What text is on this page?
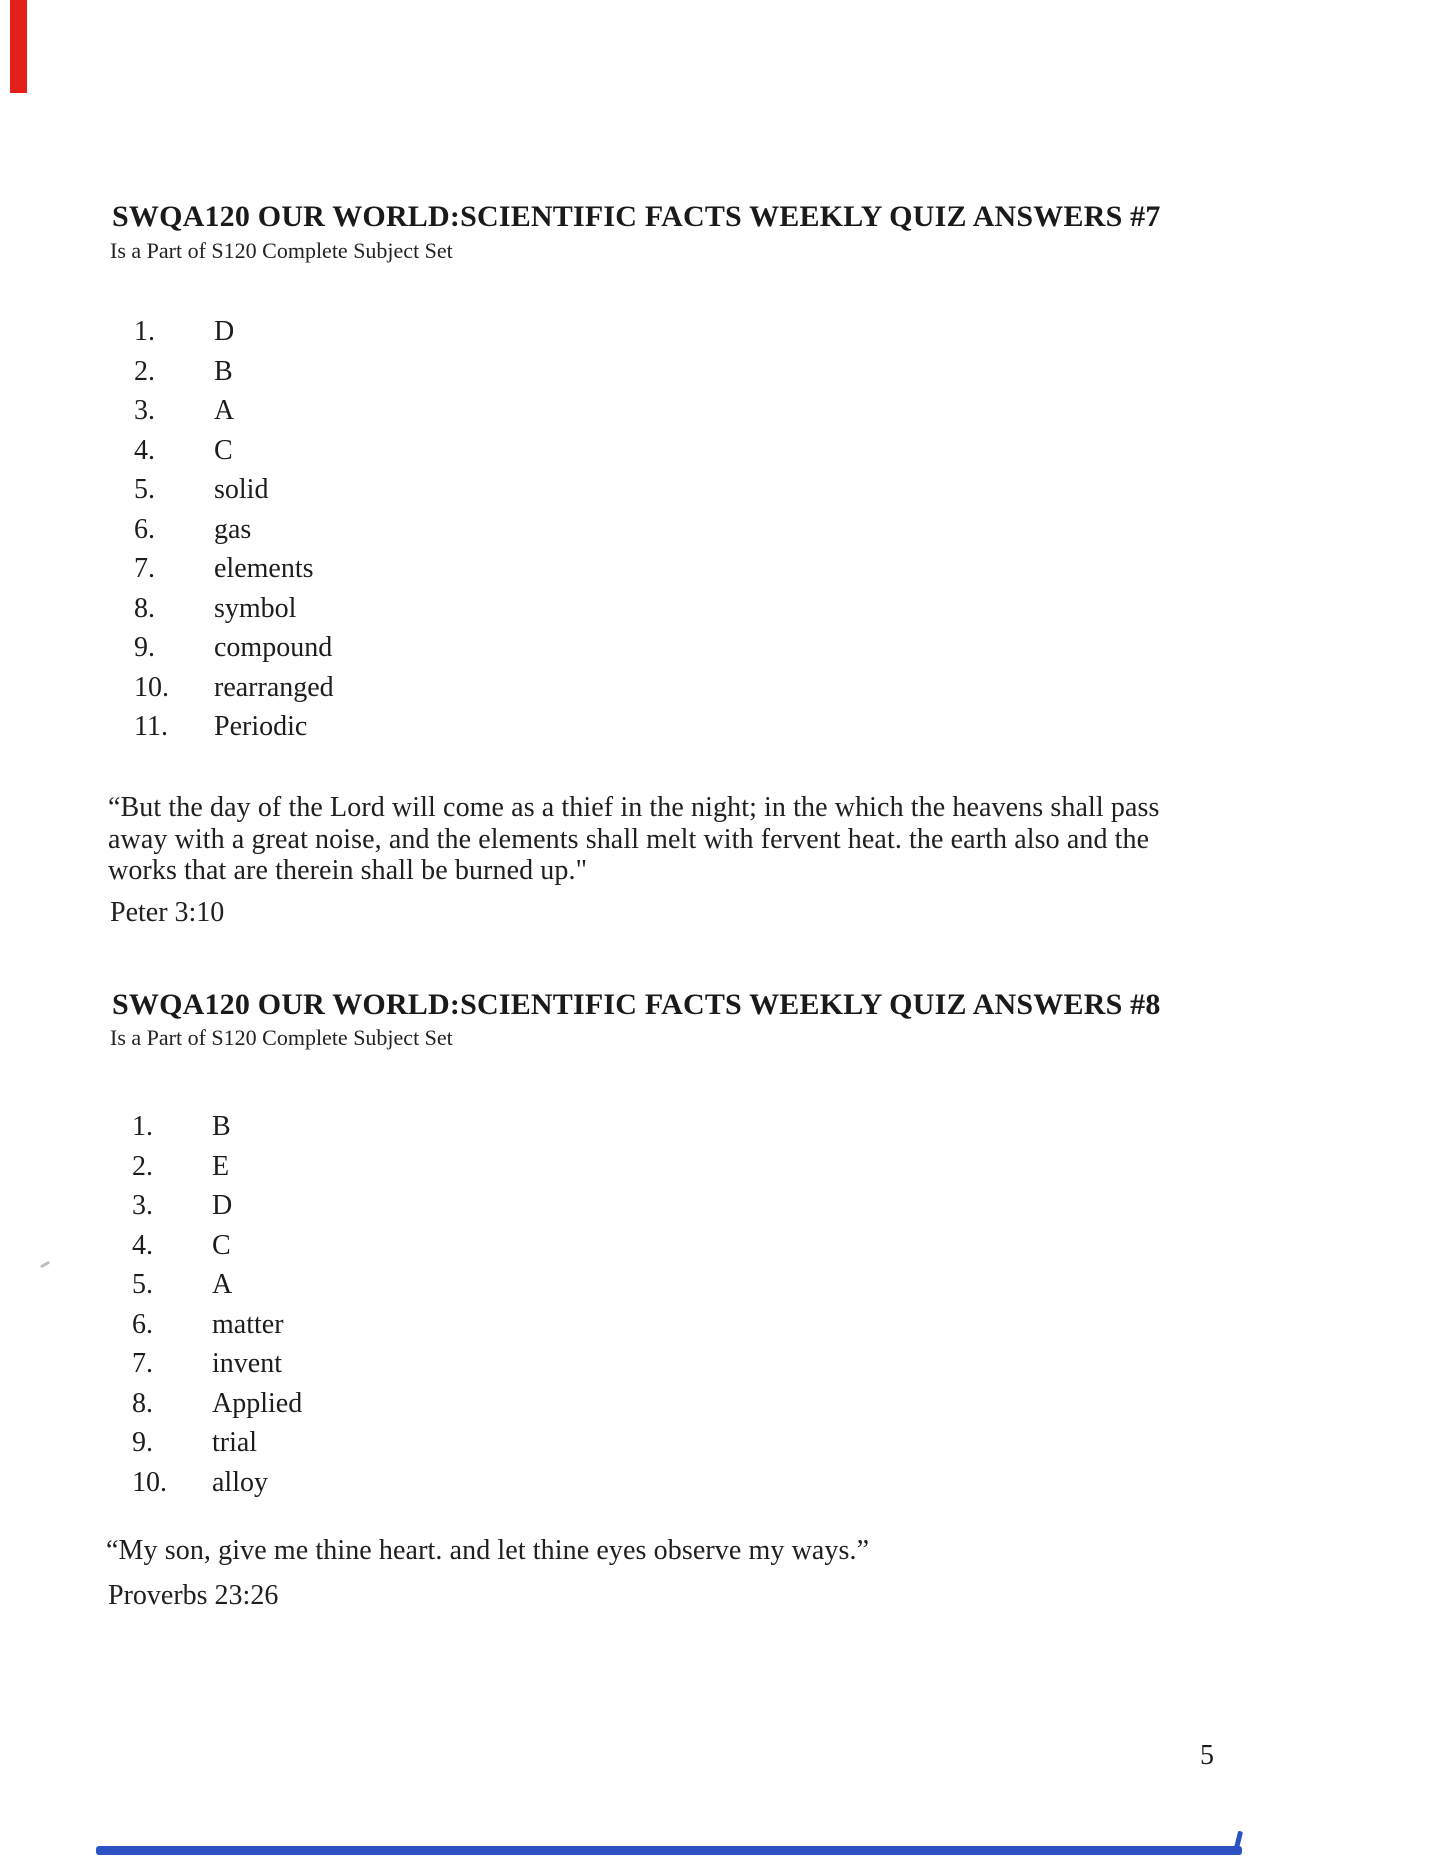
SWQA120 OUR WORLD:SCIENTIFIC FACTS WEEKLY QUIZ ANSWERS #7
Is a Part of S120 Complete Subject Set
1.	D
2.	B
3.	A
4.	C
5.	solid
6.	gas
7.	elements
8.	symbol
9.	compound
10.	rearranged
11.	Periodic
“But the day of the Lord will come as a thief in the night; in the which the heavens shall pass
away with a great noise, and the elements shall melt with fervent heat. the earth also and the
works that are therein shall be burned up."
Peter 3:10
SWQA120 OUR WORLD:SCIENTIFIC FACTS WEEKLY QUIZ ANSWERS #8
Is a Part of S120 Complete Subject Set
1.	B
2.	E
3.	D
4.	C
5.	A
6.	matter
7.	invent
8.	Applied
9.	trial
10.	alloy
“My son, give me thine heart. and let thine eyes observe my ways.”
Proverbs 23:26
5
